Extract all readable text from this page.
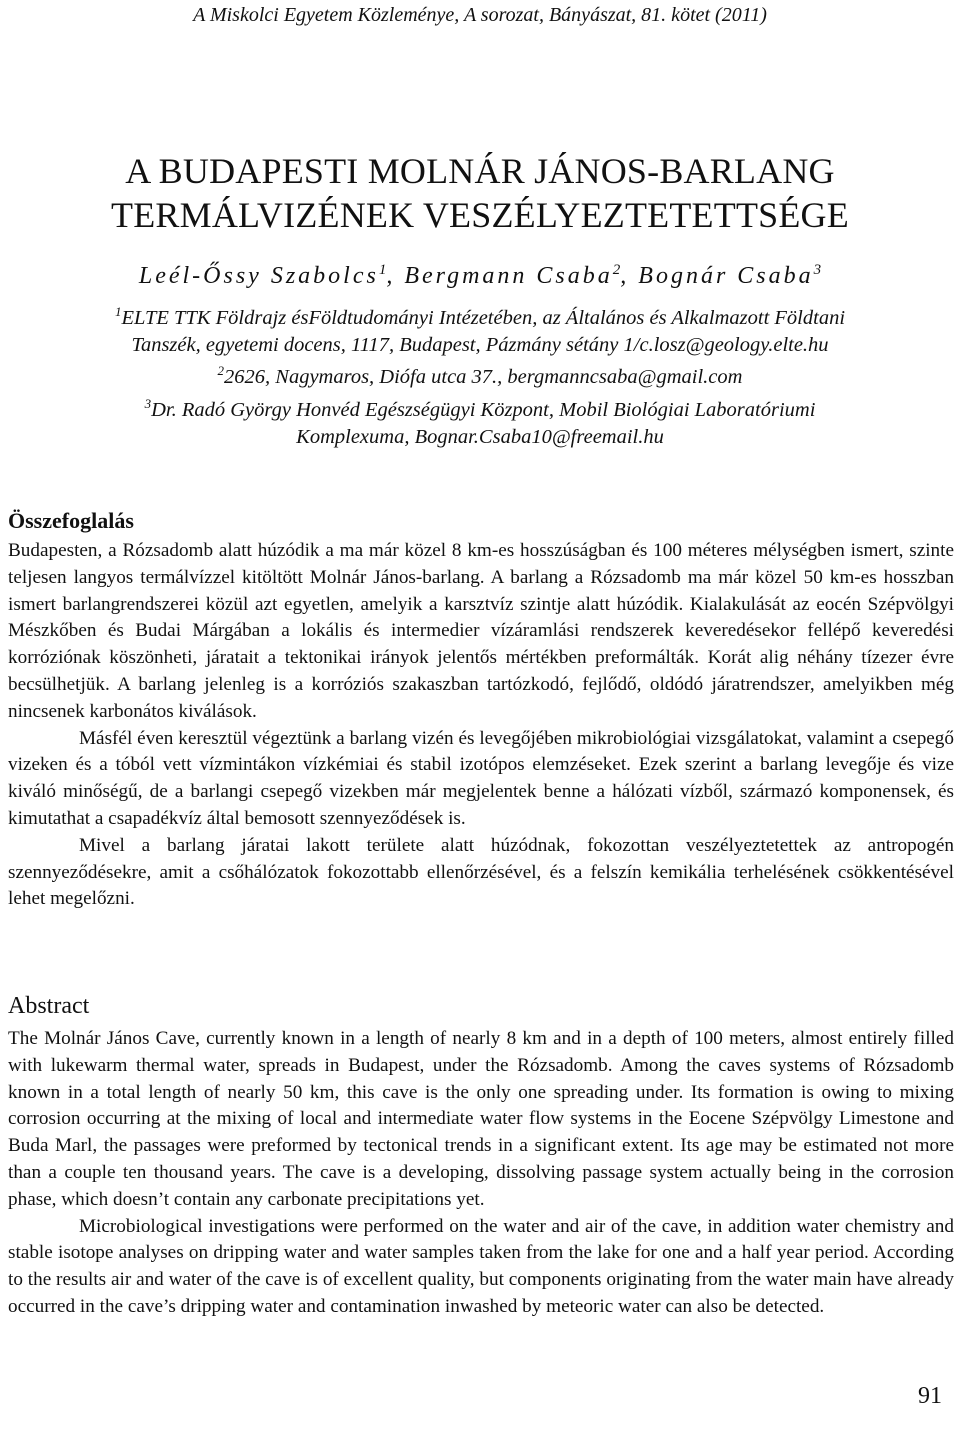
A Miskolci Egyetem Közleménye, A sorozat, Bányászat, 81. kötet (2011)
A BUDAPESTI MOLNÁR JÁNOS-BARLANG
TERMÁLVIZÉNEK VESZÉLYEZTETETTSÉGE
Leél-Őssy Szabolcs$^1$, Bergmann Csaba$^2$, Bognár Csaba$^3$
$^1$ELTE TTK Földrajz ésFöldtudományi Intézetében, az Általános és Alkalmazott Földtani
Tanszék, egyetemi docens, 1117, Budapest, Pázmány sétány 1/c.losz@geology.elte.hu
$^2$2626, Nagymaros, Diófa utca 37., bergmanncsaba@gmail.com
$^3$Dr. Radó György Honvéd Egészségügyi Központ, Mobil Biológiai Laboratóriumi
Komplexuma, Bognar.Csaba10@freemail.hu
Összefoglalás

Budapesten, a Rózsadomb alatt húzódik a ma már közel 8 km-es hosszúságban és 100 méteres mélységben ismert, szinte teljesen langyos termálvízzel kitöltött Molnár János-barlang. A barlang a Rózsadomb ma már közel 50 km-es hosszban ismert barlangrendszerei közül azt egyetlen, amelyik a karsztvíz szintje alatt húzódik. Kialakulását az eocén Szépvölgyi Mészkőben és Budai Márgában a lokális és intermedier vízáramlási rendszerek keveredésekor fellépő keveredési korróziónak köszönheti, járatait a tektonikai irányok jelentős mértékben preformálták. Korát alig néhány tízezer évre becsülhetjük. A barlang jelenleg is a korróziós szakaszban tartózkodó, fejlődő, oldódó járatrendszer, amelyikben még nincsenek karbonátos kiválások.

Másfél éven keresztül végeztünk a barlang vizén és levegőjében mikrobiológiai vizsgálatokat, valamint a csepegő vizeken és a tóból vett vízmintákon vízkémiai és stabil izotópos elemzéseket. Ezek szerint a barlang levegője és vize kiváló minőségű, de a barlangi csepegő vizekben már megjelentek benne a hálózati vízből, származó komponensek, és kimutathat a csapadékvíz által bemosott szennyeződések is.

Mivel a barlang járatai lakott területe alatt húzódnak, fokozottan veszélyeztetettek az antropogén szennyeződésekre, amit a csőhálózatok fokozottabb ellenőrzésével, és a felszín kemikália terhelésének csökkentésével lehet megelőzni.

Abstract

The Molnár János Cave, currently known in a length of nearly 8 km and in a depth of 100 meters, almost entirely filled with lukewarm thermal water, spreads in Budapest, under the Rózsadomb. Among the caves systems of Rózsadomb known in a total length of nearly 50 km, this cave is the only one spreading under. Its formation is owing to mixing corrosion occurring at the mixing of local and intermediate water flow systems in the Eocene Szépvölgy Limestone and Buda Marl, the passages were preformed by tectonical trends in a significant extent. Its age may be estimated not more than a couple ten thousand years. The cave is a developing, dissolving passage system actually being in the corrosion phase, which doesn’t contain any carbonate precipitations yet.

Microbiological investigations were performed on the water and air of the cave, in addition water chemistry and stable isotope analyses on dripping water and water samples taken from the lake for one and a half year period. According to the results air and water of the cave is of excellent quality, but components originating from the water main have already occurred in the cave’s dripping water and contamination inwashed by meteoric water can also be detected.

91
